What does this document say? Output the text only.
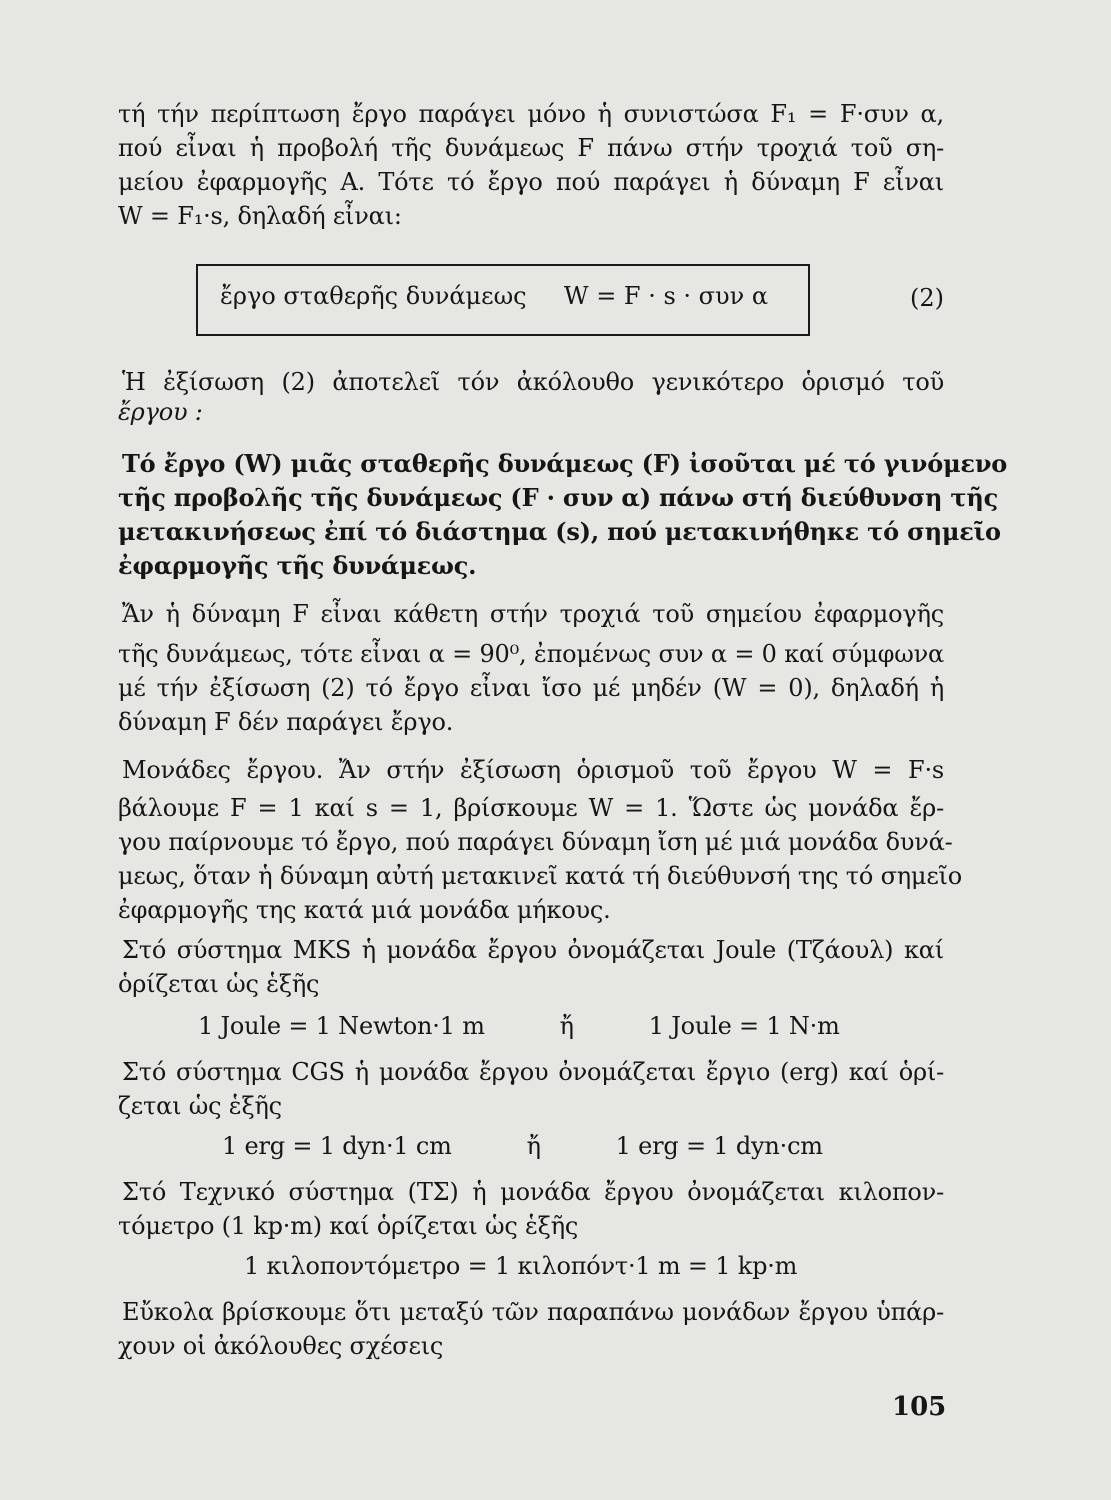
τή τήν περίπτωση ἔργο παράγει μόνο ἡ συνιστώσα F₁ = F·συν α,
πού εἶναι ἡ προβολή τῆς δυνάμεως F πάνω στήν τροχιά τοῦ ση-
μείου ἐφαρμογῆς Α. Τότε τό ἔργο πού παράγει ἡ δύναμη F εἶναι
W = F₁·s, δηλαδή εἶναι:
ἔργο σταθερῆς δυνάμεως W = F · s · συν α	(2)
Ἡ ἐξίσωση (2) ἀποτελεῖ τόν ἀκόλουθο γενικότερο ὁρισμό τοῦ
ἔργου :
Τό ἔργο (W) μιᾶς σταθερῆς δυνάμεως (F) ἰσοῦται μέ τό γινόμενο
τῆς προβολῆς τῆς δυνάμεως (F · συν α) πάνω στή διεύθυνση τῆς
μετακινήσεως ἐπί τό διάστημα (s), πού μετακινήθηκε τό σημεῖο
ἐφαρμογῆς τῆς δυνάμεως.
Ἄν ἡ δύναμη F εἶναι κάθετη στήν τροχιά τοῦ σημείου ἐφαρμογῆς
τῆς δυνάμεως, τότε εἶναι α = 90⁰, ἐπομένως συν α = 0 καί σύμφωνα
μέ τήν ἐξίσωση (2) τό ἔργο εἶναι ἴσο μέ μηδέν (W = 0), δηλαδή ἡ
δύναμη F δέν παράγει ἔργο.
Μονάδες ἔργου. Ἄν στήν ἐξίσωση ὁρισμοῦ τοῦ ἔργου W = F·s
βάλουμε F = 1 καί s = 1, βρίσκουμε W = 1. Ὥστε ὡς μονάδα ἔρ-
γου παίρνουμε τό ἔργο, πού παράγει δύναμη ἴση μέ μιά μονάδα δυνά-
μεως, ὅταν ἡ δύναμη αὐτή μετακινεῖ κατά τή διεύθυνσή της τό σημεῖο
ἐφαρμογῆς της κατά μιά μονάδα μήκους.
Στό σύστημα MKS ἡ μονάδα ἔργου ὀνομάζεται Joule (Τζάουλ) καί
ὁρίζεται ὡς ἑξῆς
1 Joule = 1 Newton·1 m	ἤ	1 Joule = 1 N·m
Στό σύστημα CGS ἡ μονάδα ἔργου ὀνομάζεται ἔργιο (erg) καί ὁρί-
ζεται ὡς ἑξῆς
1 erg = 1 dyn·1 cm	ἤ	1 erg = 1 dyn·cm
Στό Τεχνικό σύστημα (ΤΣ) ἡ μονάδα ἔργου ὀνομάζεται κιλοπον-
τόμετρο (1 kp·m) καί ὁρίζεται ὡς ἑξῆς
1 κιλοποντόμετρο = 1 κιλοπόντ·1 m = 1 kp·m
Εὔκολα βρίσκουμε ὅτι μεταξύ τῶν παραπάνω μονάδων ἔργου ὑπάρ-
χουν οἱ ἀκόλουθες σχέσεις
105
